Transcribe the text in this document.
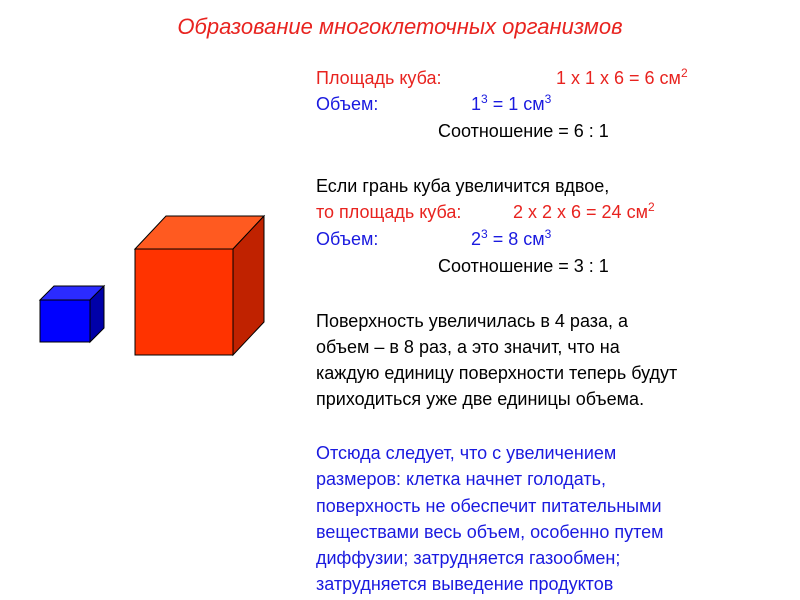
Образование многоклеточных организмов
Площадь куба:	1 х 1 х 6 = 6 $см^2$
Объем:	$1^3 = 1$ $см^3$
Соотношение = 6 : 1
Если грань куба увеличится вдвое,
то площадь куба:	2 х 2 х 6 = 24 $см^2$
Объем:	$2^3 = 8$ $см^3$
Соотношение = 3 : 1
Поверхность увеличилась в 4 раза, а
объем – в 8 раз, а это значит, что на
каждую единицу поверхности теперь будут
приходиться уже две единицы объема.
Отсюда следует, что с увеличением
размеров: клетка начнет голодать,
поверхность не обеспечит питательными
веществами весь объем, особенно путем
диффузии; затрудняется газообмен;
затрудняется выведение продуктов
